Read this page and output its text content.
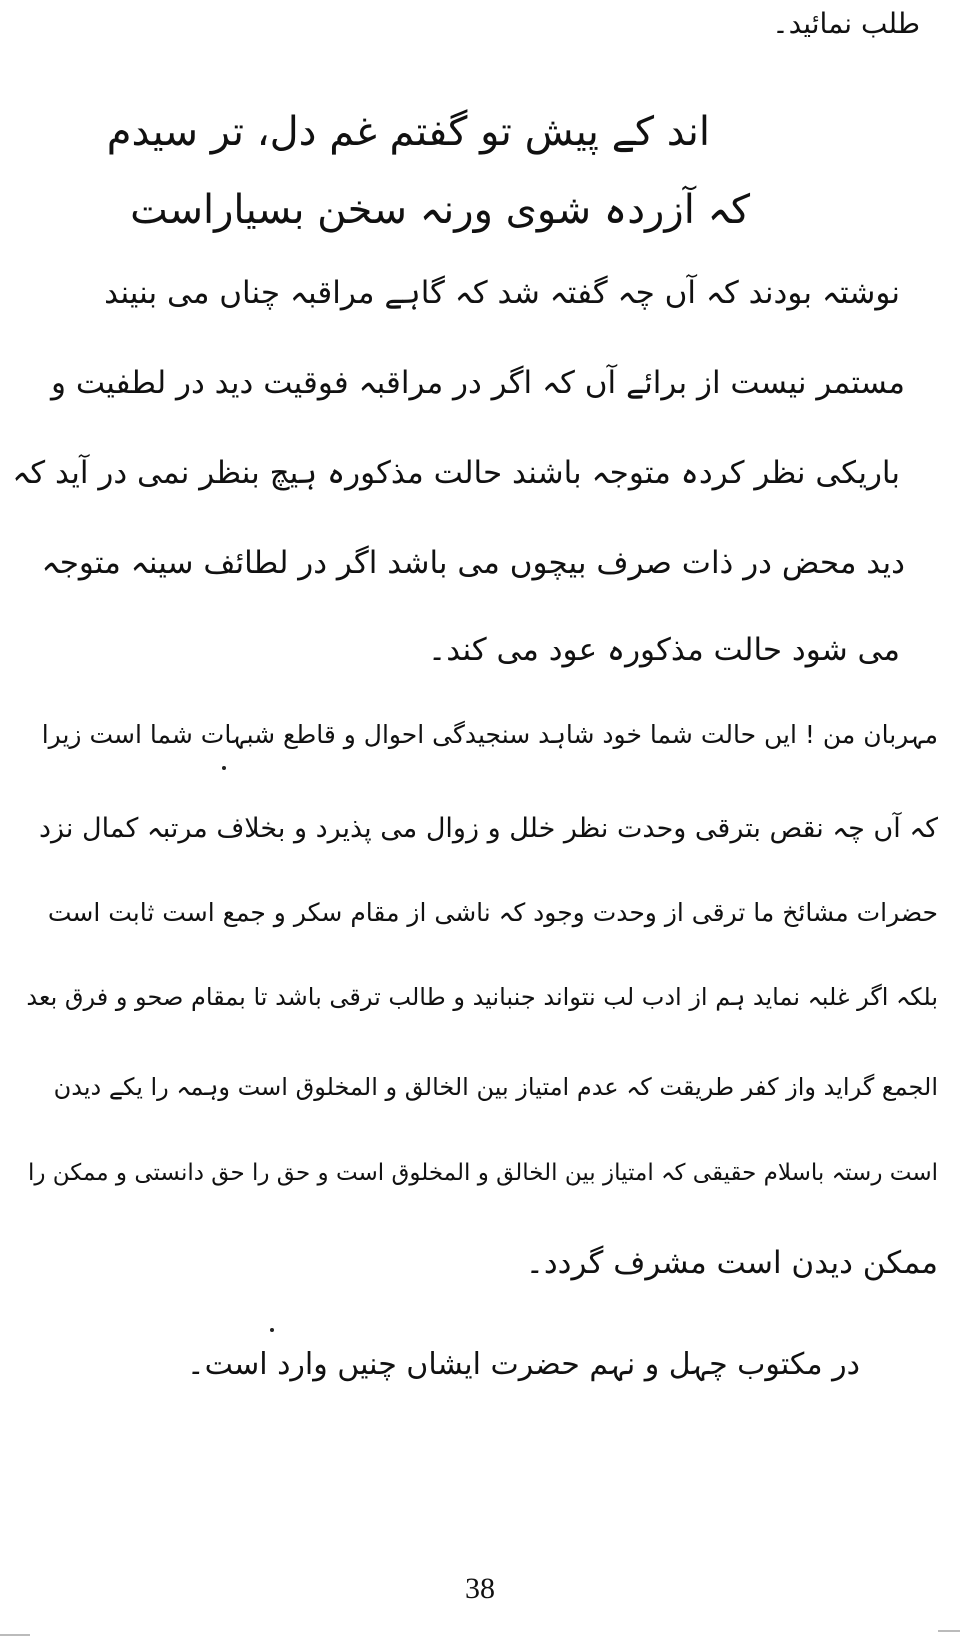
طلب نمائید۔
اند کے پیش تو گفتم غم دل، تر سیدم
کہ آزردہ شوی ورنہ سخن بسیاراست
نوشتہ بودند کہ آں چہ گفتہ شد کہ گاہے مراقبہ چناں می بنیند
مستمر نیست از برائے آں کہ اگر در مراقبہ فوقیت دید در لطفیت و
باریکی نظر کردہ متوجہ باشند حالت مذکورہ ہیچ بنظر نمی در آید کہ
دید محض در ذات صرف بیچوں می باشد اگر در لطائف سینہ متوجہ
می شود حالت مذکورہ عود می کند۔
مہربان من ! ایں حالت شما خود شاہد سنجیدگی احوال و قاطع شبہات شما است زیرا
کہ آں چہ نقص بترقی وحدت نظر خلل و زوال می پذیرد و بخلاف مرتبہ کمال نزد
حضرات مشائخ ما ترقی از وحدت وجود کہ ناشی از مقام سکر و جمع است ثابت است
بلکہ اگر غلبہ نماید ہم از ادب لب نتواند جنبانید و طالب ترقی باشد تا بمقام صحو و فرق بعد
الجمع گراید واز کفر طریقت کہ عدم امتیاز بین الخالق و المخلوق است وہمہ را یکے دیدن
است رستہ باسلام حقیقی کہ امتیاز بین الخالق و المخلوق است و حق را حق دانستی و ممکن را
ممکن دیدن است مشرف گردد۔
در مکتوب چہل و نہم حضرت ایشاں چنیں وارد است۔
38
